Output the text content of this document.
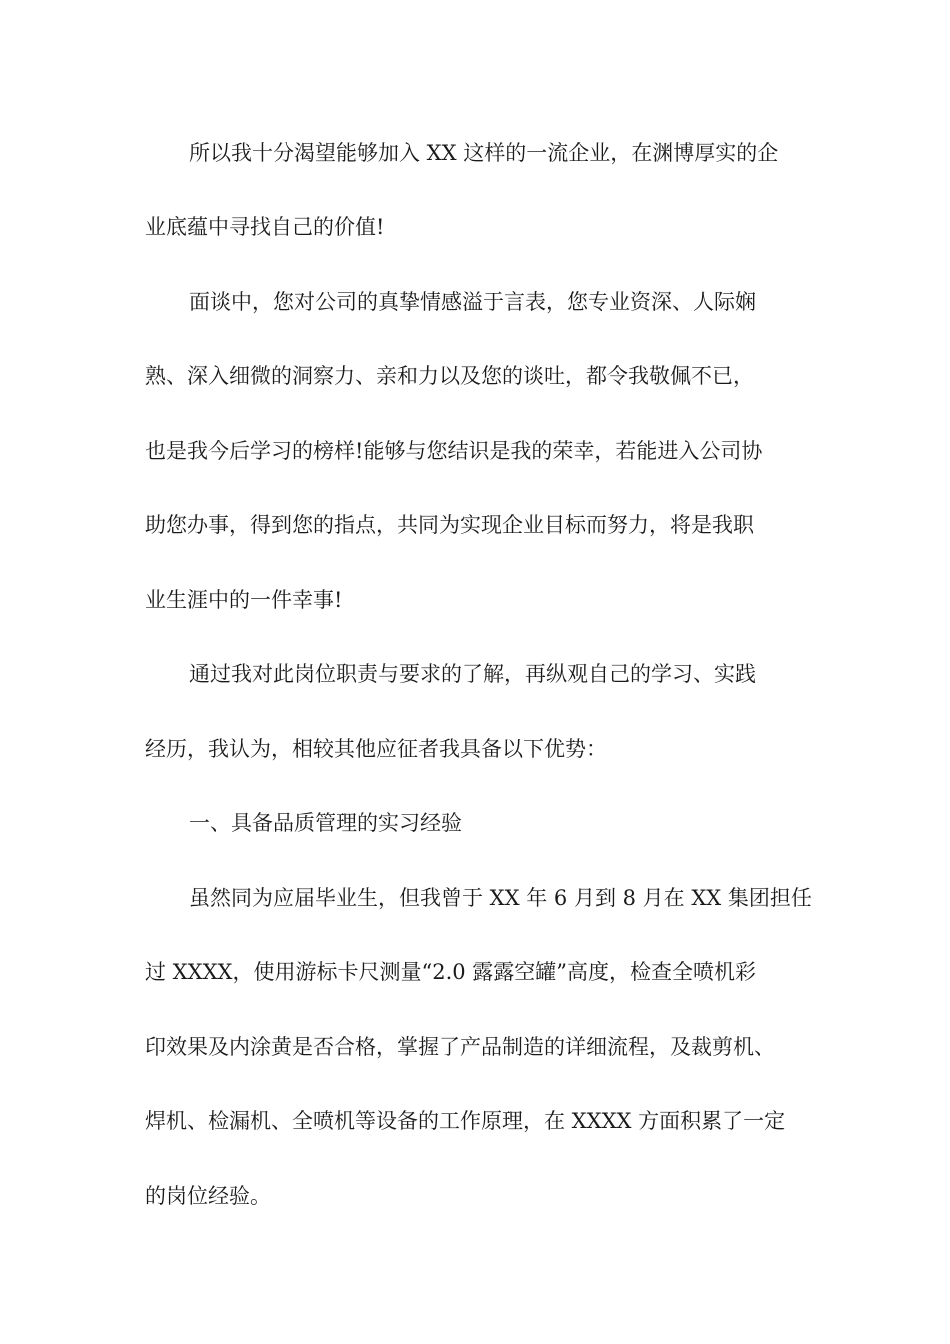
所以我十分渴望能够加入 XX 这样的一流企业，在渊博厚实的企
业底蕴中寻找自己的价值!
面谈中，您对公司的真挚情感溢于言表，您专业资深、人际娴
熟、深入细微的洞察力、亲和力以及您的谈吐，都令我敬佩不已，
也是我今后学习的榜样!能够与您结识是我的荣幸，若能进入公司协
助您办事，得到您的指点，共同为实现企业目标而努力，将是我职
业生涯中的一件幸事!
通过我对此岗位职责与要求的了解，再纵观自己的学习、实践
经历，我认为，相较其他应征者我具备以下优势：
一、具备品质管理的实习经验
虽然同为应届毕业生，但我曾于 XX 年 6 月到 8 月在 XX 集团担任
过 XXXX，使用游标卡尺测量“2.0 露露空罐”高度，检查全喷机彩
印效果及内涂黄是否合格，掌握了产品制造的详细流程，及裁剪机、
焊机、检漏机、全喷机等设备的工作原理，在 XXXX 方面积累了一定
的岗位经验。
